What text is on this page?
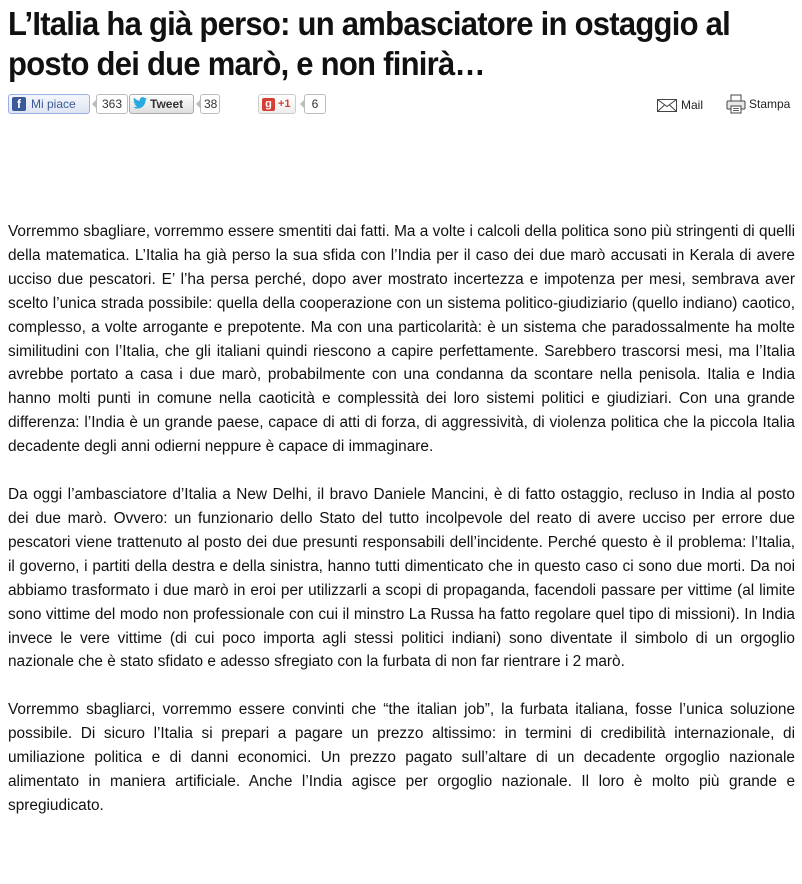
L’Italia ha già perso: un ambasciatore in ostaggio al
posto dei due marò, e non finirà…
f Mi piace	363	Tweet	38	g +1	6	Mail	Stampa

Vorremmo sbagliare, vorremmo essere smentiti dai fatti. Ma a volte i calcoli della politica sono più stringenti di quelli della matematica. L’Italia ha già perso la sua sfida con l’India per il caso dei due marò accusati in Kerala di avere ucciso due pescatori. E’ l’ha persa perché, dopo aver mostrato incertezza e impotenza per mesi, sembrava aver scelto l’unica strada possibile: quella della cooperazione con un sistema politico-giudiziario (quello indiano) caotico, complesso, a volte arrogante e prepotente. Ma con una particolarità: è un sistema che paradossalmente ha molte similitudini con l’Italia, che gli italiani quindi riescono a capire perfettamente. Sarebbero trascorsi mesi, ma l’Italia avrebbe portato a casa i due marò, probabilmente con una condanna da scontare nella penisola. Italia e India hanno molti punti in comune nella caoticità e complessità dei loro sistemi politici e giudiziari. Con una grande differenza: l’India è un grande paese, capace di atti di forza, di aggressività, di violenza politica che la piccola Italia decadente degli anni odierni neppure è capace di immaginare.

Da oggi l’ambasciatore d’Italia a New Delhi, il bravo Daniele Mancini, è di fatto ostaggio, recluso in India al posto dei due marò. Ovvero: un funzionario dello Stato del tutto incolpevole del reato di avere ucciso per errore due pescatori viene trattenuto al posto dei due presunti responsabili dell’incidente. Perché questo è il problema: l’Italia, il governo, i partiti della destra e della sinistra, hanno tutti dimenticato che in questo caso ci sono due morti. Da noi abbiamo trasformato i due marò in eroi per utilizzarli a scopi di propaganda, facendoli passare per vittime (al limite sono vittime del modo non professionale con cui il minstro La Russa ha fatto regolare quel tipo di missioni). In India invece le vere vittime (di cui poco importa agli stessi politici indiani) sono diventate il simbolo di un orgoglio nazionale che è stato sfidato e adesso sfregiato con la furbata di non far rientrare i 2 marò.

Vorremmo sbagliarci, vorremmo essere convinti che “the italian job”, la furbata italiana, fosse l’unica soluzione possibile. Di sicuro l’Italia si prepari a pagare un prezzo altissimo: in termini di credibilità internazionale, di umiliazione politica e di danni economici. Un prezzo pagato sull’altare di un decadente orgoglio nazionale alimentato in maniera artificiale. Anche l’India agisce per orgoglio nazionale. Il loro è molto più grande e spregiudicato.
